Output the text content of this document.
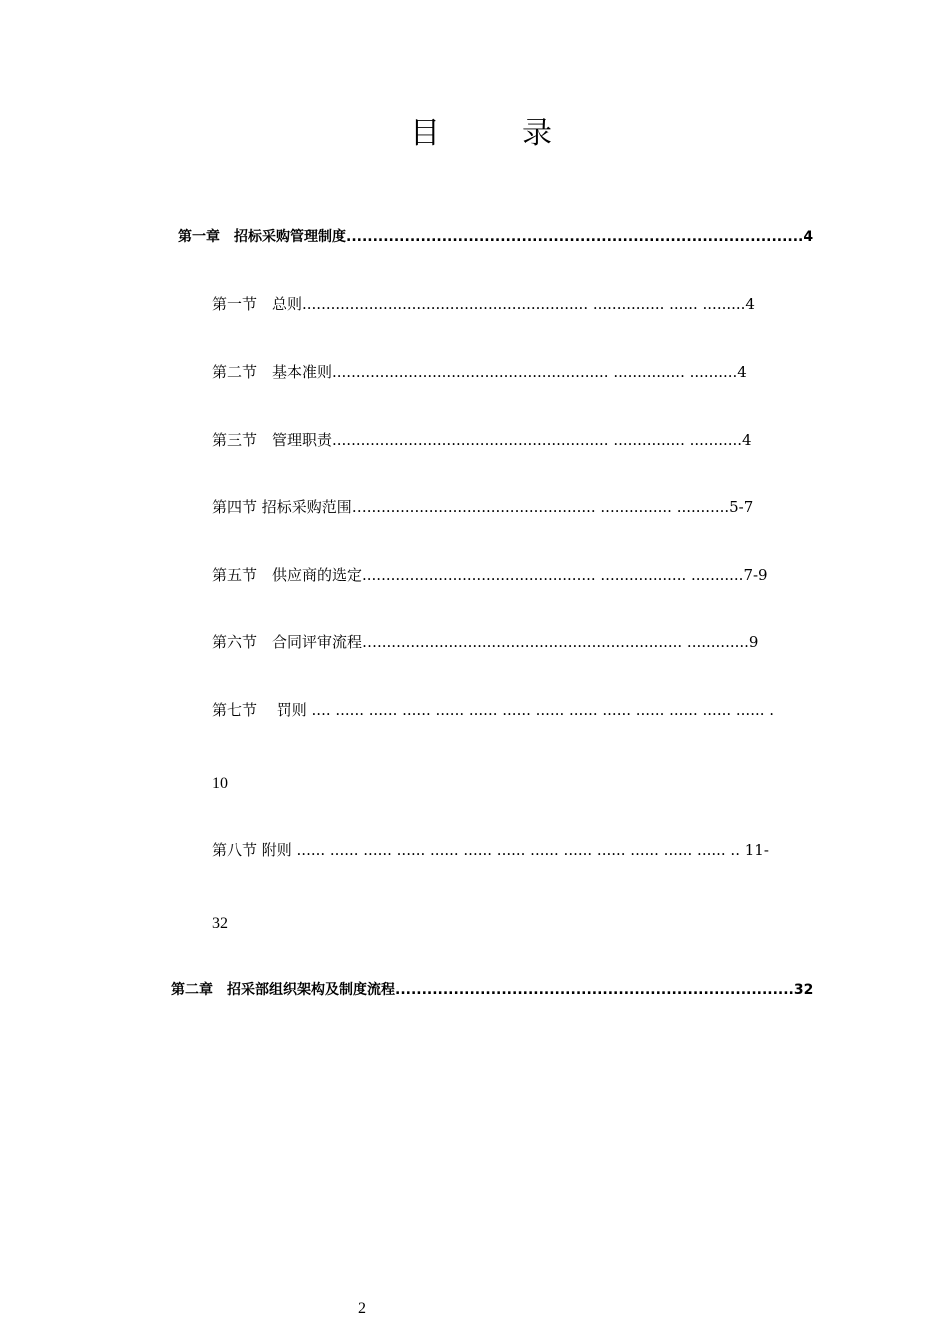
目　录
第一章　招标采购管理制度......................................................................................4
第一节　总则............................................................ ............... ...... .........4
第二节　基本准则.......................................................... ............... ..........4
第三节　管理职责.......................................................... ............... ...........4
第四节 招标采购范围…................................................ ............... ...........5-7
第五节　供应商的选定................................................. .................. ...........7-9
第六节　合同评审流程…................................................................ .............9
第七节　 罚则 .... ...... ...... ...... ...... ...... ...... ...... ...... ...... ...... ...... ...... ...... .
10
第八节 附则 ...... ...... ...... ...... ...... ...... ...... ...... ...... ...... ...... ...... ...... .. 11-
32
第二章　招采部组织架构及制度流程...........................................................................32
2
